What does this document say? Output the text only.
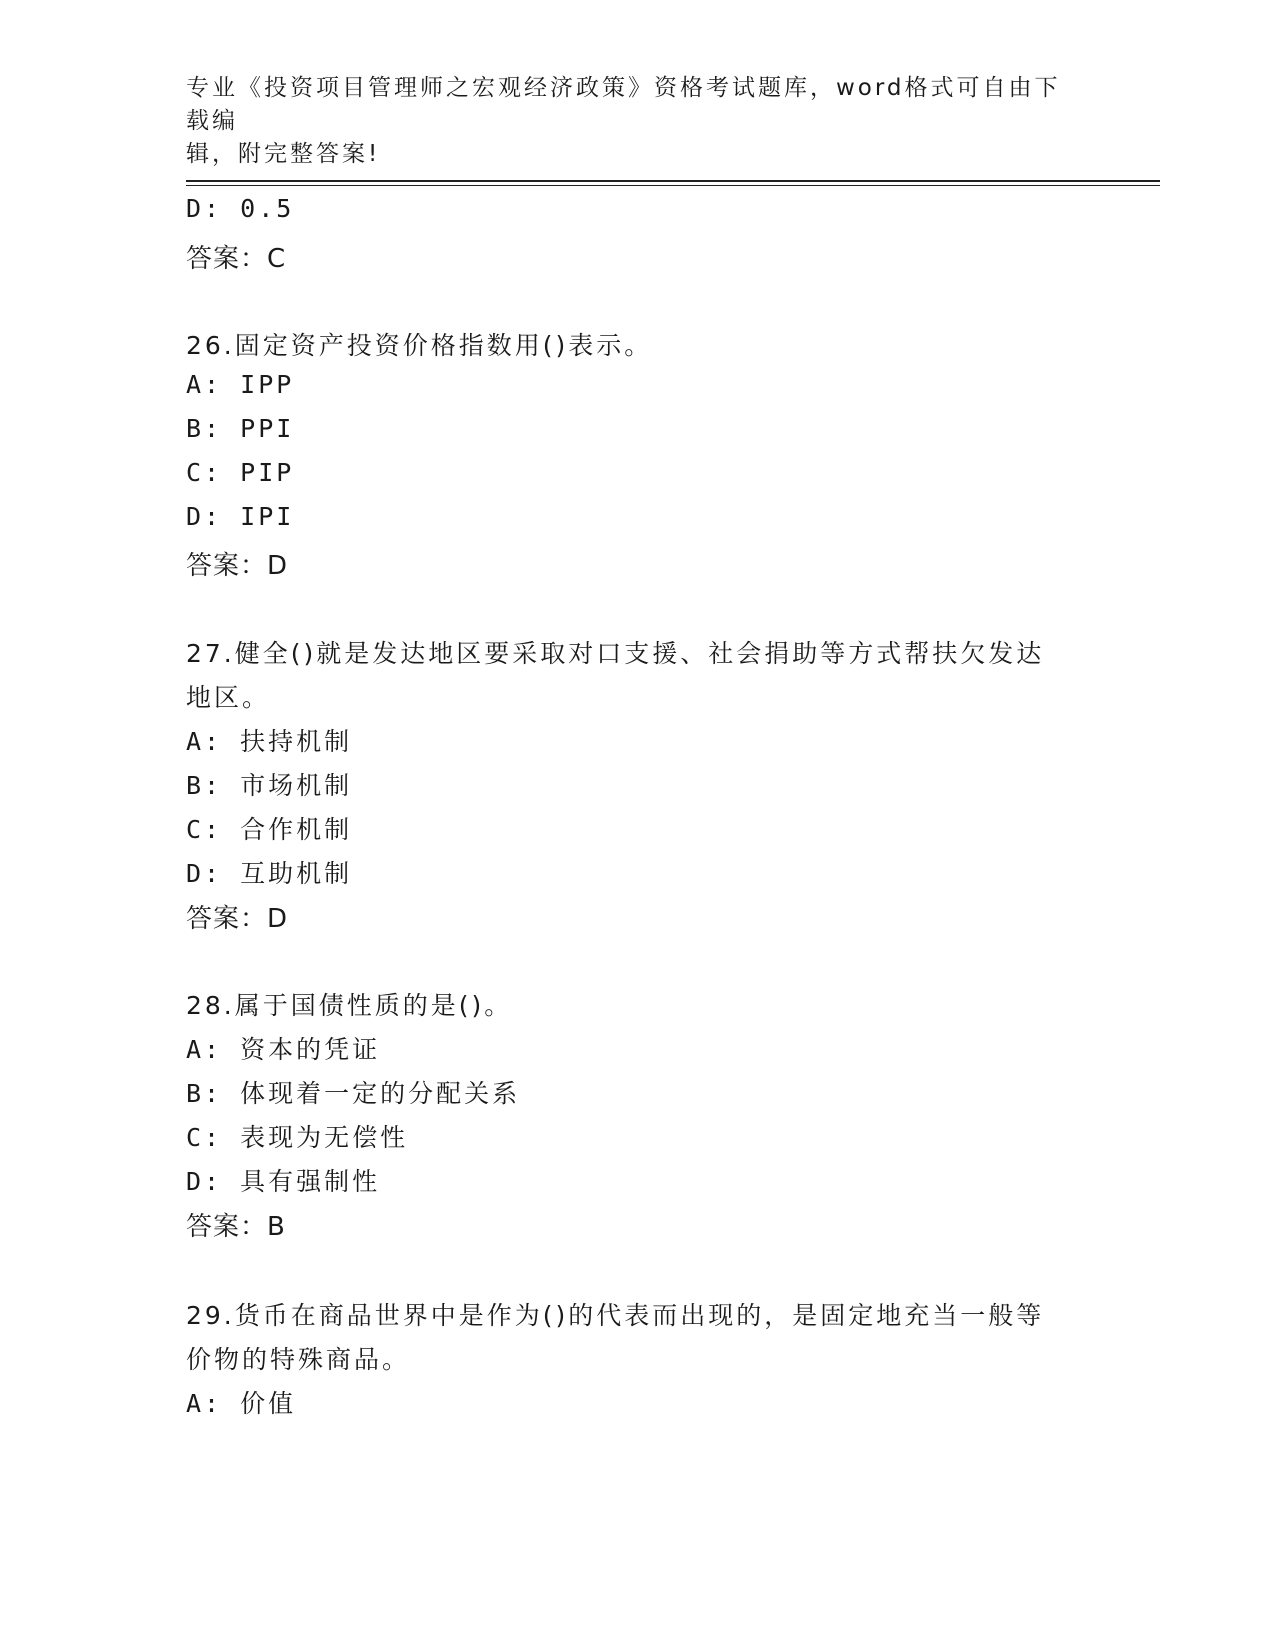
专业《投资项目管理师之宏观经济政策》资格考试题库，word格式可自由下载编
辑，附完整答案!
D: 0.5
答案：C
26.固定资产投资价格指数用()表示。
A: IPP
B: PPI
C: PIP
D: IPI
答案：D
27.健全()就是发达地区要采取对口支援、社会捐助等方式帮扶欠发达
地区。
A: 扶持机制
B: 市场机制
C: 合作机制
D: 互助机制
答案：D
28.属于国债性质的是()。
A: 资本的凭证
B: 体现着一定的分配关系
C: 表现为无偿性
D: 具有强制性
答案：B
29.货币在商品世界中是作为()的代表而出现的，是固定地充当一般等
价物的特殊商品。
A: 价值
